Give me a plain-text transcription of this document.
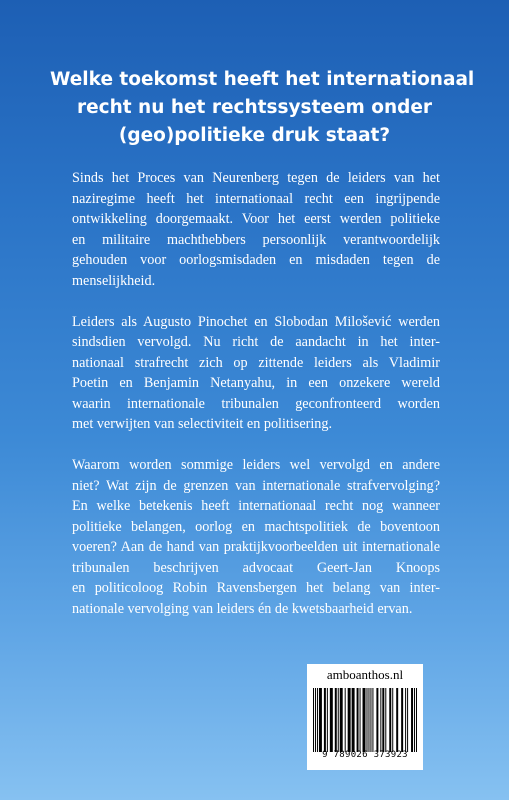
Welke toekomst heeft het internationaal
recht nu het rechtssysteem onder
(geo)politieke druk staat?

Sinds het Proces van Neurenberg tegen de leiders van het
naziregime heeft het internationaal recht een ingrijpende
ontwikkeling doorgemaakt. Voor het eerst werden politieke
en militaire machthebbers persoonlijk verantwoordelijk
gehouden voor oorlogsmisdaden en misdaden tegen de
menselijkheid.

Leiders als Augusto Pinochet en Slobodan Milošević werden
sindsdien vervolgd. Nu richt de aandacht in het inter-
nationaal strafrecht zich op zittende leiders als Vladimir
Poetin en Benjamin Netanyahu, in een onzekere wereld
waarin internationale tribunalen geconfronteerd worden
met verwijten van selectiviteit en politisering.

Waarom worden sommige leiders wel vervolgd en andere
niet? Wat zijn de grenzen van internationale strafvervolging?
En welke betekenis heeft internationaal recht nog wanneer
politieke belangen, oorlog en machtspolitiek de boventoon
voeren? Aan de hand van praktijkvoorbeelden uit internationale
tribunalen beschrijven advocaat Geert-Jan Knoops
en politicoloog Robin Ravensbergen het belang van inter-
nationale vervolging van leiders én de kwetsbaarheid ervan.

amboanthos.nl
9 789026 373923
